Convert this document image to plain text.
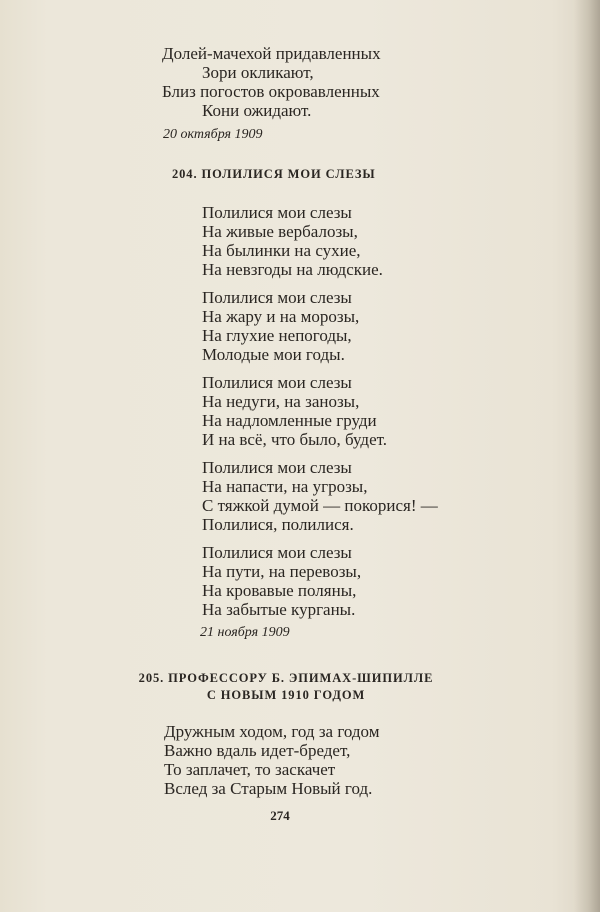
Долей-мачехой придавленных
Зори окликают,
Близ погостов окровавленных
Кони ожидают.
20 октября 1909
204. ПОЛИЛИСЯ МОИ СЛЕЗЫ
Полилися мои слезы
На живые вербалозы,
На былинки на сухие,
На невзгоды на людские.
Полилися мои слезы
На жару и на морозы,
На глухие непогоды,
Молодые мои годы.
Полилися мои слезы
На недуги, на занозы,
На надломленные груди
И на всё, что было, будет.
Полилися мои слезы
На напасти, на угрозы,
С тяжкой думой — покорися! —
Полилися, полилися.
Полилися мои слезы
На пути, на перевозы,
На кровавые поляны,
На забытые курганы.
21 ноября 1909
205. ПРОФЕССОРУ Б. ЭПИМАХ-ШИПИЛЛЕ
С НОВЫМ 1910 ГОДОМ
Дружным ходом, год за годом
Важно вдаль идет-бредет,
То заплачет, то заскачет
Вслед за Старым Новый год.
274
